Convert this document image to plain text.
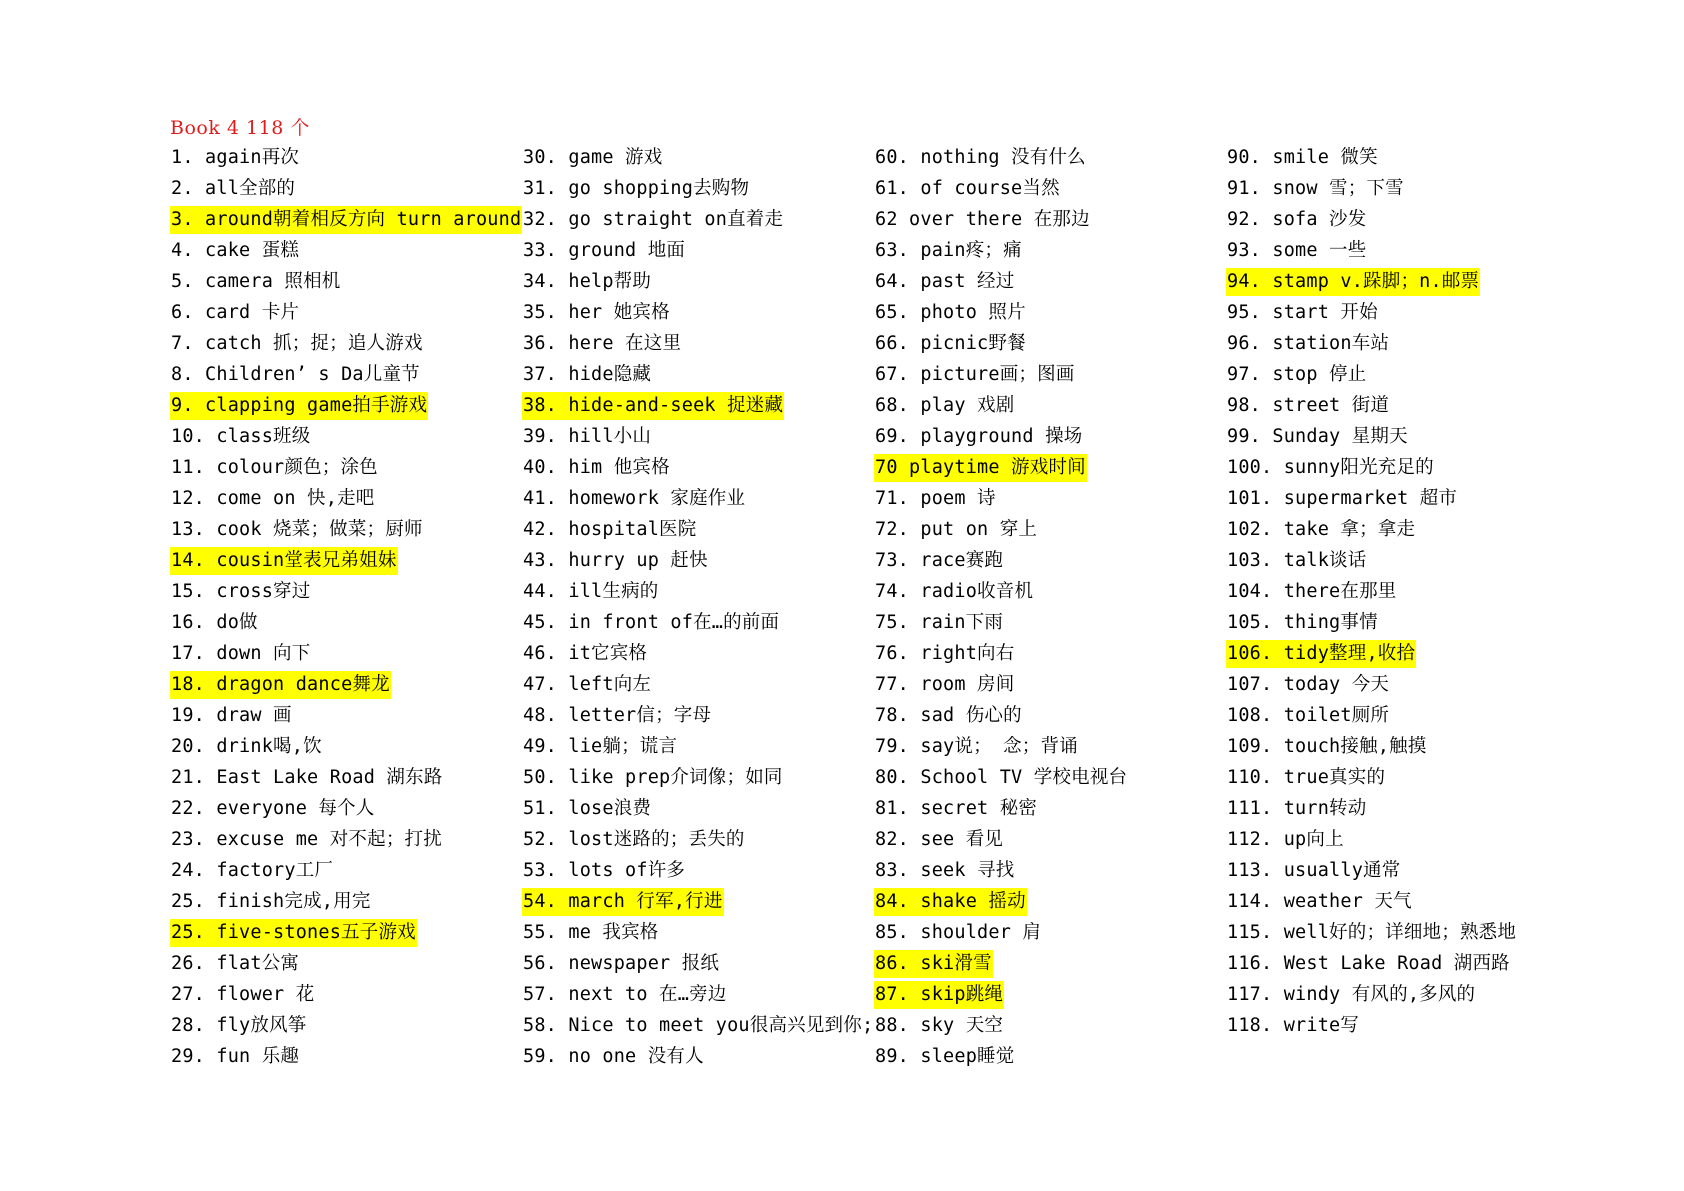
Book 4 118 个
1. again再次
2. all全部的
3. around朝着相反方向 turn around
4. cake 蛋糕
5. camera 照相机
6. card 卡片
7. catch 抓；捉；追人游戏
8. Children’ s Da儿童节
9. clapping game拍手游戏
10. class班级
11. colour颜色；涂色
12. come on 快,走吧
13. cook 烧菜；做菜；厨师
14. cousin堂表兄弟姐妹
15. cross穿过
16. do做
17. down 向下
18. dragon dance舞龙
19. draw 画
20. drink喝,饮
21. East Lake Road 湖东路
22. everyone 每个人
23. excuse me 对不起；打扰
24. factory工厂
25. finish完成,用完
25. five-stones五子游戏
26. flat公寓
27. flower 花
28. fly放风筝
29. fun 乐趣
30. game 游戏
31. go shopping去购物
32. go straight on直着走
33. ground 地面
34. help帮助
35. her 她宾格
36. here 在这里
37. hide隐藏
38. hide-and-seek 捉迷藏
39. hill小山
40. him 他宾格
41. homework 家庭作业
42. hospital医院
43. hurry up 赶快
44. ill生病的
45. in front of在…的前面
46. it它宾格
47. left向左
48. letter信；字母
49. lie躺；谎言
50. like prep介词像；如同
51. lose浪费
52. lost迷路的；丢失的
53. lots of许多
54. march 行军,行进
55. me 我宾格
56. newspaper 报纸
57. next to 在…旁边
58. Nice to meet you很高兴见到你;
59. no one 没有人
60. nothing 没有什么
61. of course当然
62 over there 在那边
63. pain疼；痛
64. past 经过
65. photo 照片
66. picnic野餐
67. picture画；图画
68. play 戏剧
69. playground 操场
70 playtime 游戏时间
71. poem 诗
72. put on 穿上
73. race赛跑
74. radio收音机
75. rain下雨
76. right向右
77. room 房间
78. sad 伤心的
79. say说； 念；背诵
80. School TV 学校电视台
81. secret 秘密
82. see 看见
83. seek 寻找
84. shake 摇动
85. shoulder 肩
86. ski滑雪
87. skip跳绳
88. sky 天空
89. sleep睡觉
90. smile 微笑
91. snow 雪；下雪
92. sofa 沙发
93. some 一些
94. stamp v.跺脚；n.邮票
95. start 开始
96. station车站
97. stop 停止
98. street 街道
99. Sunday 星期天
100. sunny阳光充足的
101. supermarket 超市
102. take 拿；拿走
103. talk谈话
104. there在那里
105. thing事情
106. tidy整理,收拾
107. today 今天
108. toilet厕所
109. touch接触,触摸
110. true真实的
111. turn转动
112. up向上
113. usually通常
114. weather 天气
115. well好的；详细地；熟悉地
116. West Lake Road 湖西路
117. windy 有风的,多风的
118. write写
